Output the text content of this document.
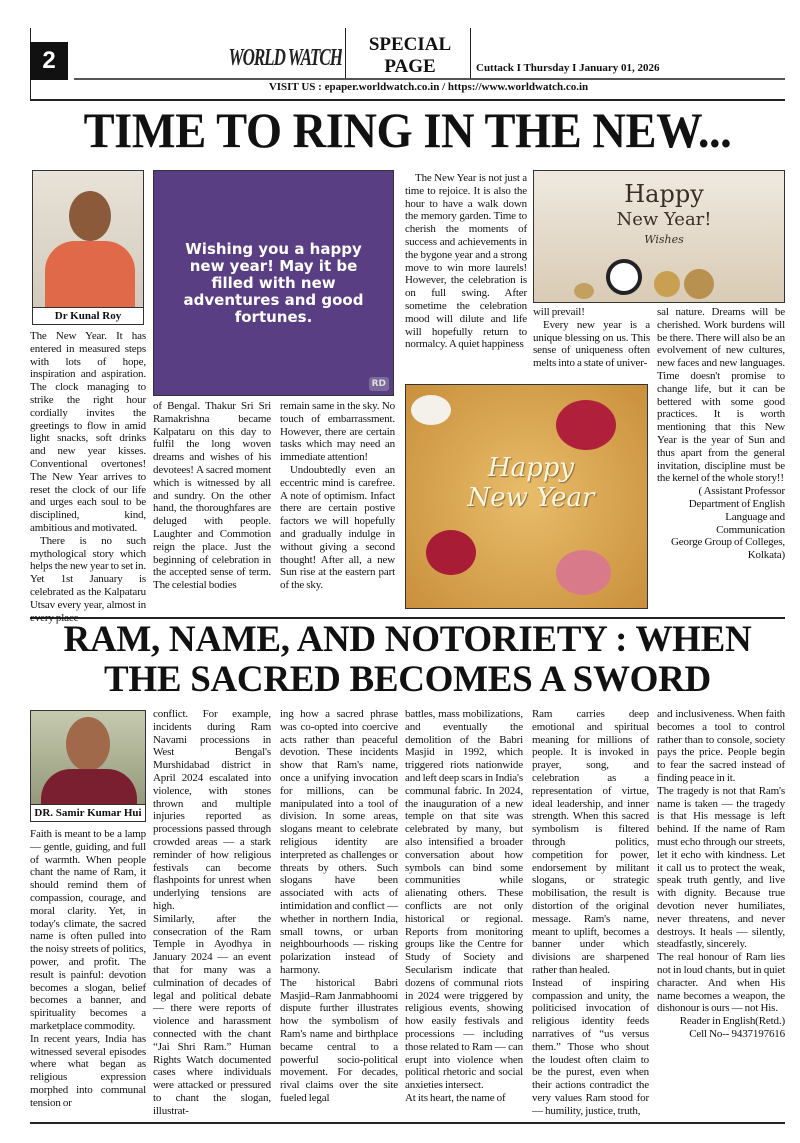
2	WORLD WATCH	SPECIAL
PAGE	Cuttack I Thursday I January 01, 2026
VISIT US : epaper.worldwatch.co.in / https://www.worldwatch.co.in
TIME TO RING IN THE NEW...
Dr Kunal Roy

The New Year. It has entered in measured steps with lots of hope, inspiration and aspiration. The clock managing to strike the right hour cordially invites the greetings to flow in amid light snacks, soft drinks and new year kisses. Conventional overtones! The New Year arrives to reset the clock of our life and urges each soul to be disciplined, kind, ambitious and motivated.

There is no such mythological story which helps the new year to set in. Yet 1st January is celebrated as the Kalpataru Utsav every year, almost in every place

Wishing you a happy new year! May it be filled with new adventures and good fortunes.
RD

of Bengal. Thakur Sri Sri Ramakrishna became Kalpataru on this day to fulfil the long woven dreams and wishes of his devotees! A sacred moment which is witnessed by all and sundry. On the other hand, the thoroughfares are deluged with people. Laughter and Commotion reign the place. Just the beginning of celebration in the accepted sense of term. The celestial bodies

remain same in the sky. No touch of embarrassment. However, there are certain tasks which may need an immediate attention!

Undoubtedly even an eccentric mind is carefree. A note of optimism. Infact there are certain postive factors we will hopefully and gradually indulge in without giving a second thought! After all, a new Sun rise at the eastern part of the sky.

The New Year is not just a time to rejoice. It is also the hour to have a walk down the memory garden. Time to cherish the moments of success and achievements in the bygone year and a strong move to win more laurels! However, the celebration is on full swing. After sometime the celebration mood will dilute and life will hopefully return to normalcy. A quiet happiness

Happy
New Year!
Wishes

will prevail!

Every new year is a unique blessing on us. This sense of uniqueness often melts into a state of univer-

sal nature. Dreams will be cherished. Work burdens will be there. There will also be an evolvement of new cultures, new faces and new languages. Time doesn't promise to change life, but it can be bettered with some good practices. It is worth mentioning that this New Year is the year of Sun and thus apart from the general invitation, discipline must be the kernel of the whole story!!

( Assistant Professor
Department of English
Language and Communication
George Group of Colleges, Kolkata)
Happy
New Year
RAM, NAME, AND NOTORIETY : WHEN THE SACRED BECOMES A SWORD
DR. Samir Kumar Hui

Faith is meant to be a lamp — gentle, guiding, and full of warmth. When people chant the name of Ram, it should remind them of compassion, courage, and moral clarity. Yet, in today's climate, the sacred name is often pulled into the noisy streets of politics, power, and profit. The result is painful: devotion becomes a slogan, belief becomes a banner, and spirituality becomes a marketplace commodity.

In recent years, India has witnessed several episodes where what began as religious expression morphed into communal tension or

conflict. For example, incidents during Ram Navami processions in West Bengal's Murshidabad district in April 2024 escalated into violence, with stones thrown and multiple injuries reported as processions passed through crowded areas — a stark reminder of how religious festivals can become flashpoints for unrest when underlying tensions are high.

Similarly, after the consecration of the Ram Temple in Ayodhya in January 2024 — an event that for many was a culmination of decades of legal and political debate — there were reports of violence and harassment connected with the chant “Jai Shri Ram.” Human Rights Watch documented cases where individuals were attacked or pressured to chant the slogan, illustrat-

ing how a sacred phrase was co-opted into coercive acts rather than peaceful devotion. These incidents show that Ram's name, once a unifying invocation for millions, can be manipulated into a tool of division. In some areas, slogans meant to celebrate religious identity are interpreted as challenges or threats by others. Such slogans have been associated with acts of intimidation and conflict — whether in northern India, small towns, or urban neighbourhoods — risking polarization instead of harmony.

The historical Babri Masjid–Ram Janmabhoomi dispute further illustrates how the symbolism of Ram's name and birthplace became central to a powerful socio-political movement. For decades, rival claims over the site fueled legal

battles, mass mobilizations, and eventually the demolition of the Babri Masjid in 1992, which triggered riots nationwide and left deep scars in India's communal fabric. In 2024, the inauguration of a new temple on that site was celebrated by many, but also intensified a broader conversation about how symbols can bind some communities while alienating others. These conflicts are not only historical or regional. Reports from monitoring groups like the Centre for Study of Society and Secularism indicate that dozens of communal riots in 2024 were triggered by religious events, showing how easily festivals and processions — including those related to Ram — can erupt into violence when political rhetoric and social anxieties intersect.

At its heart, the name of

Ram carries deep emotional and spiritual meaning for millions of people. It is invoked in prayer, song, and celebration as a representation of virtue, ideal leadership, and inner strength. When this sacred symbolism is filtered through politics, competition for power, endorsement by militant slogans, or strategic mobilisation, the result is distortion of the original message. Ram's name, meant to uplift, becomes a banner under which divisions are sharpened rather than healed.

Instead of inspiring compassion and unity, the politicised invocation of religious identity feeds narratives of “us versus them.” Those who shout the loudest often claim to be the purest, even when their actions contradict the very values Ram stood for — humility, justice, truth,

and inclusiveness. When faith becomes a tool to control rather than to console, society pays the price. People begin to fear the sacred instead of finding peace in it.

The tragedy is not that Ram's name is taken — the tragedy is that His message is left behind. If the name of Ram must echo through our streets, let it echo with kindness. Let it call us to protect the weak, speak truth gently, and live with dignity. Because true devotion never humiliates, never threatens, and never destroys. It heals — silently, steadfastly, sincerely.

The real honour of Ram lies not in loud chants, but in quiet character. And when His name becomes a weapon, the dishonour is ours — not His.

Reader in English(Retd.)
Cell No-- 9437197616
